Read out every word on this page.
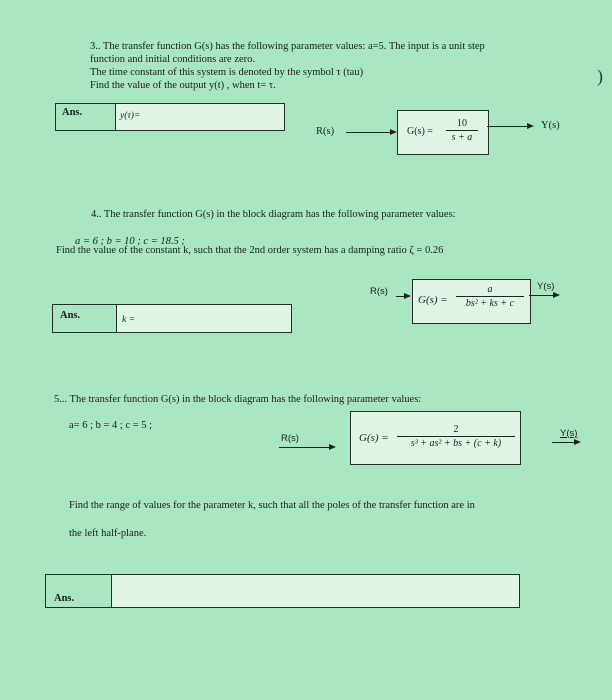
3.. The transfer function G(s) has the following parameter values: a=5. The input is a unit step
function and initial conditions are zero.
The time constant of this system is denoted by the symbol τ (tau)
Find the value of the output y(t) , when t= τ.
Ans.	y(τ)=
R(s)	G(s) =
10
s + a
Y(s)
)
4.. The transfer function G(s) in the block diagram has the following parameter values:
a = 6 ; b = 10 ; c = 18.5 ;
Find the value of the constant k, such that the 2nd order system has a damping ratio ζ = 0.26
R(s)
G(s) =
a
bs² + ks + c
Y(s)
Ans.	k =
5... The transfer function G(s) in the block diagram has the following parameter values:
a= 6 ; b = 4 ; c = 5 ;
R(s)	G(s) =
2
s³ + as² + bs + (c + k)
Y(s)
Find the range of values for the parameter k, such that all the poles of the transfer function are in
the left half-plane.
Ans.
